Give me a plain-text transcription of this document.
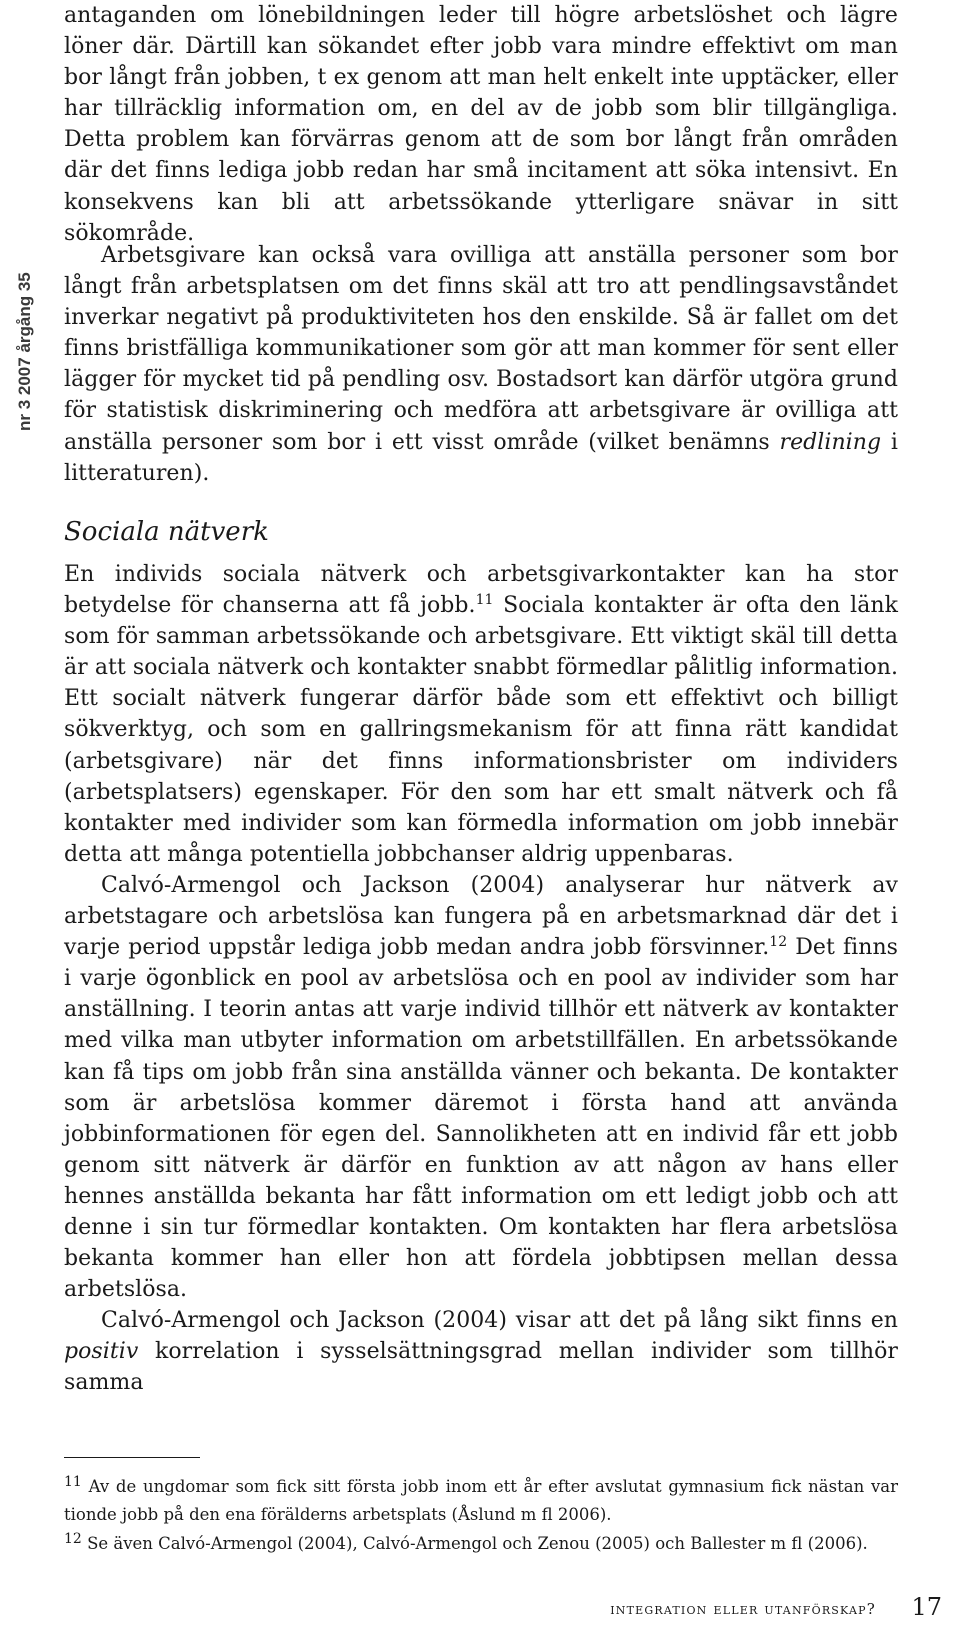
nr 3 2007 årgång 35

antaganden om lönebildningen leder till högre arbetslöshet och lägre löner där. Därtill kan sökandet efter jobb vara mindre effektivt om man bor långt från jobben, t ex genom att man helt enkelt inte upptäcker, eller har tillräcklig information om, en del av de jobb som blir tillgängliga. Detta problem kan förvärras genom att de som bor långt från områden där det finns lediga jobb redan har små incitament att söka intensivt. En konsekvens kan bli att arbetssökande ytterligare snävar in sitt sökområde.

Arbetsgivare kan också vara ovilliga att anställa personer som bor långt från arbetsplatsen om det finns skäl att tro att pendlingsavståndet inverkar negativt på produktiviteten hos den enskilde. Så är fallet om det finns bristfälliga kommunikationer som gör att man kommer för sent eller lägger för mycket tid på pendling osv. Bostadsort kan därför utgöra grund för statistisk diskriminering och medföra att arbetsgivare är ovilliga att anställa personer som bor i ett visst område (vilket benämns redlining i litteraturen).

Sociala nätverk

En individs sociala nätverk och arbetsgivarkontakter kan ha stor betydelse för chanserna att få jobb.$^{11}$ Sociala kontakter är ofta den länk som för samman arbetssökande och arbetsgivare. Ett viktigt skäl till detta är att sociala nätverk och kontakter snabbt förmedlar pålitlig information. Ett socialt nätverk fungerar därför både som ett effektivt och billigt sökverktyg, och som en gallringsmekanism för att finna rätt kandidat (arbetsgivare) när det finns informationsbrister om individers (arbetsplatsers) egenskaper. För den som har ett smalt nätverk och få kontakter med individer som kan förmedla information om jobb innebär detta att många potentiella jobbchanser aldrig uppenbaras.

Calvó-Armengol och Jackson (2004) analyserar hur nätverk av arbetstagare och arbetslösa kan fungera på en arbetsmarknad där det i varje period uppstår lediga jobb medan andra jobb försvinner.$^{12}$ Det finns i varje ögonblick en pool av arbetslösa och en pool av individer som har anställning. I teorin antas att varje individ tillhör ett nätverk av kontakter med vilka man utbyter information om arbetstillfällen. En arbetssökande kan få tips om jobb från sina anställda vänner och bekanta. De kontakter som är arbetslösa kommer däremot i första hand att använda jobbinformationen för egen del. Sannolikheten att en individ får ett jobb genom sitt nätverk är därför en funktion av att någon av hans eller hennes anställda bekanta har fått information om ett ledigt jobb och att denne i sin tur förmedlar kontakten. Om kontakten har flera arbetslösa bekanta kommer han eller hon att fördela jobbtipsen mellan dessa arbetslösa.

Calvó-Armengol och Jackson (2004) visar att det på lång sikt finns en positiv korrelation i sysselsättningsgrad mellan individer som tillhör samma

$^{11}$ Av de ungdomar som fick sitt första jobb inom ett år efter avslutat gymnasium fick nästan var tionde jobb på den ena förälderns arbetsplats (Åslund m fl 2006).

$^{12}$ Se även Calvó-Armengol (2004), Calvó-Armengol och Zenou (2005) och Ballester m fl (2006).

integration eller utanförskap? 17
